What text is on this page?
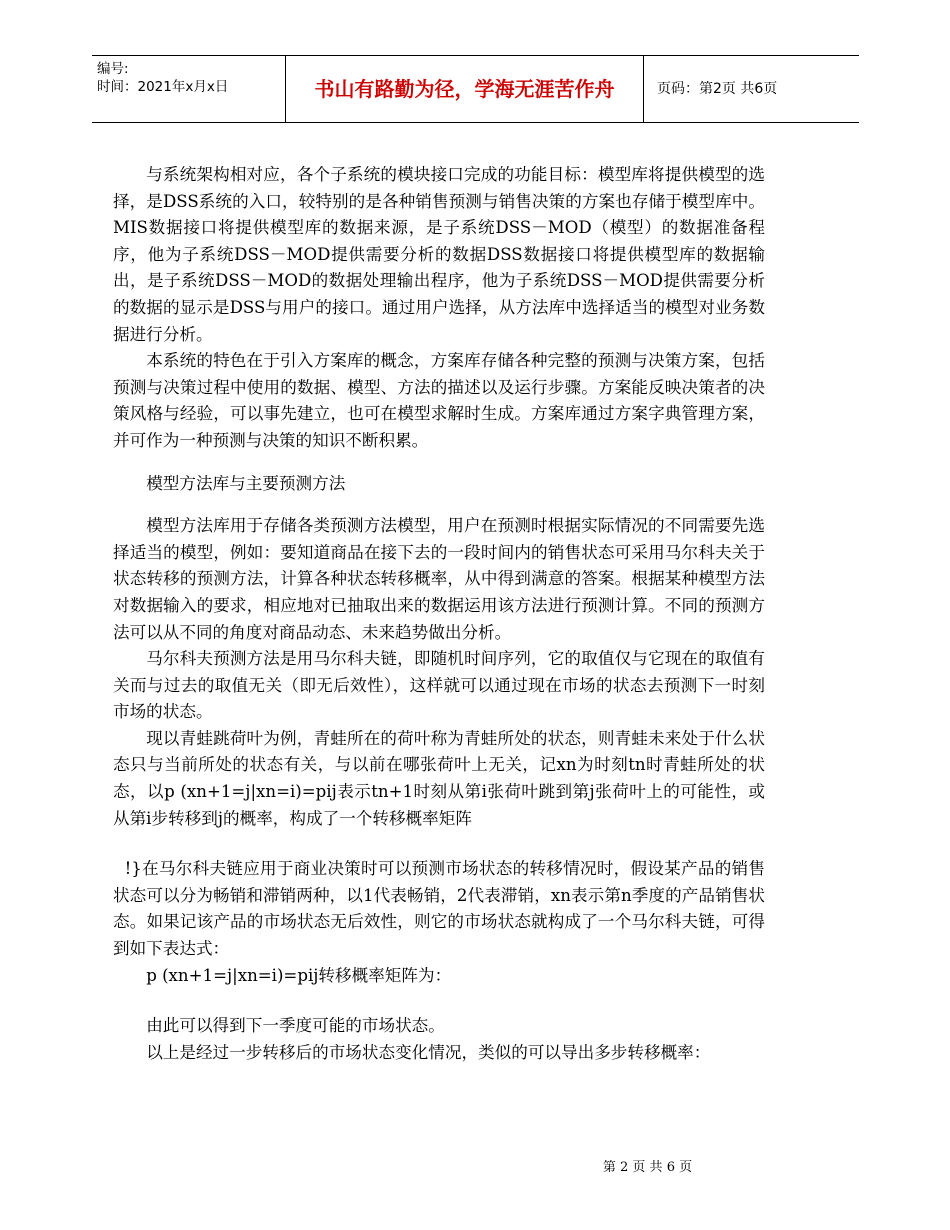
编号:
时间：2021年x月x日	书山有路勤为径，学海无涯苦作舟	页码：第2页 共6页

与系统架构相对应，各个子系统的模块接口完成的功能目标：模型库将提供模型的选择，是DSS系统的入口，较特别的是各种销售预测与销售决策的方案也存储于模型库中。MIS数据接口将提供模型库的数据来源，是子系统DSS－MOD（模型）的数据准备程序，他为子系统DSS－MOD提供需要分析的数据DSS数据接口将提供模型库的数据输出，是子系统DSS－MOD的数据处理输出程序，他为子系统DSS－MOD提供需要分析的数据的显示是DSS与用户的接口。通过用户选择，从方法库中选择适当的模型对业务数据进行分析。

本系统的特色在于引入方案库的概念，方案库存储各种完整的预测与决策方案，包括预测与决策过程中使用的数据、模型、方法的描述以及运行步骤。方案能反映决策者的决策风格与经验，可以事先建立，也可在模型求解时生成。方案库通过方案字典管理方案，并可作为一种预测与决策的知识不断积累。

模型方法库与主要预测方法

模型方法库用于存储各类预测方法模型，用户在预测时根据实际情况的不同需要先选择适当的模型，例如：要知道商品在接下去的一段时间内的销售状态可采用马尔科夫关于状态转移的预测方法，计算各种状态转移概率，从中得到满意的答案。根据某种模型方法对数据输入的要求，相应地对已抽取出来的数据运用该方法进行预测计算。不同的预测方法可以从不同的角度对商品动态、未来趋势做出分析。

马尔科夫预测方法是用马尔科夫链，即随机时间序列，它的取值仅与它现在的取值有关而与过去的取值无关（即无后效性），这样就可以通过现在市场的状态去预测下一时刻市场的状态。

现以青蛙跳荷叶为例，青蛙所在的荷叶称为青蛙所处的状态，则青蛙未来处于什么状态只与当前所处的状态有关，与以前在哪张荷叶上无关，记xn为时刻tn时青蛙所处的状态，以p (xn+1=j|xn=i)=pij表示tn+1时刻从第i张荷叶跳到第j张荷叶上的可能性，或从第i步转移到j的概率，构成了一个转移概率矩阵

!}在马尔科夫链应用于商业决策时可以预测市场状态的转移情况时，假设某产品的销售状态可以分为畅销和滞销两种，以1代表畅销，2代表滞销，xn表示第n季度的产品销售状态。如果记该产品的市场状态无后效性，则它的市场状态就构成了一个马尔科夫链，可得到如下表达式：

p (xn+1=j|xn=i)=pij转移概率矩阵为：

由此可以得到下一季度可能的市场状态。

以上是经过一步转移后的市场状态变化情况，类似的可以导出多步转移概率：

第 2 页 共 6 页
